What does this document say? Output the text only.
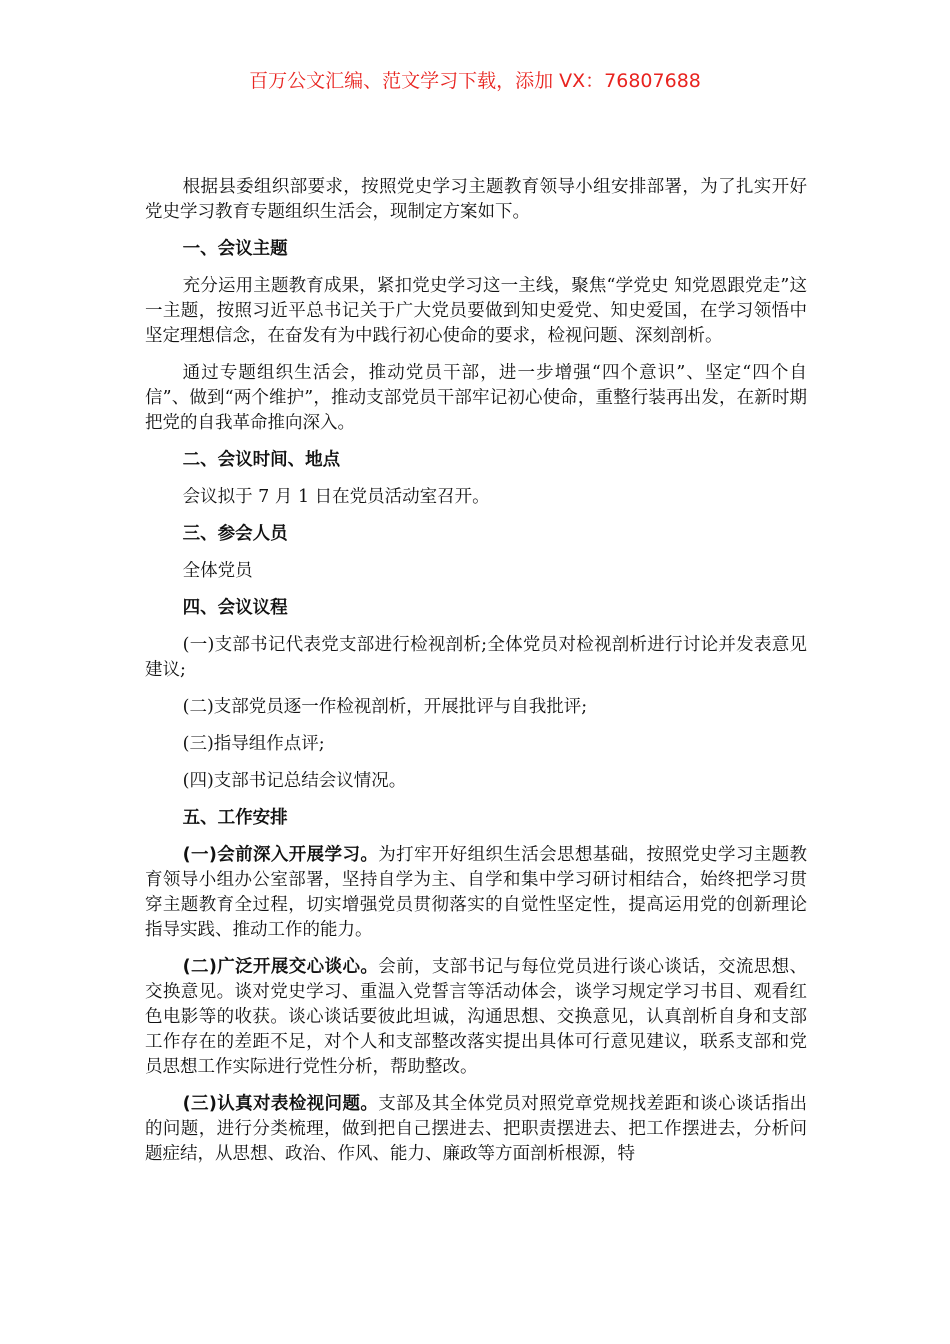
百万公文汇编、范文学习下载，添加 VX：76807688

根据县委组织部要求，按照党史学习主题教育领导小组安排部署，为了扎实开好党史学习教育专题组织生活会，现制定方案如下。

一、会议主题

充分运用主题教育成果，紧扣党史学习这一主线，聚焦“学党史 知党恩跟党走”这一主题，按照习近平总书记关于广大党员要做到知史爱党、知史爱国，在学习领悟中坚定理想信念，在奋发有为中践行初心使命的要求，检视问题、深刻剖析。

通过专题组织生活会，推动党员干部，进一步增强“四个意识”、坚定“四个自信”、做到“两个维护”，推动支部党员干部牢记初心使命，重整行装再出发，在新时期把党的自我革命推向深入。

二、会议时间、地点

会议拟于 7 月 1 日在党员活动室召开。

三、参会人员

全体党员

四、会议议程

(一)支部书记代表党支部进行检视剖析;全体党员对检视剖析进行讨论并发表意见建议;

(二)支部党员逐一作检视剖析，开展批评与自我批评;

(三)指导组作点评;

(四)支部书记总结会议情况。

五、工作安排

(一)会前深入开展学习。为打牢开好组织生活会思想基础，按照党史学习主题教育领导小组办公室部署，坚持自学为主、自学和集中学习研讨相结合，始终把学习贯穿主题教育全过程，切实增强党员贯彻落实的自觉性坚定性，提高运用党的创新理论指导实践、推动工作的能力。

(二)广泛开展交心谈心。会前，支部书记与每位党员进行谈心谈话，交流思想、交换意见。谈对党史学习、重温入党誓言等活动体会，谈学习规定学习书目、观看红色电影等的收获。谈心谈话要彼此坦诚，沟通思想、交换意见，认真剖析自身和支部工作存在的差距不足，对个人和支部整改落实提出具体可行意见建议，联系支部和党员思想工作实际进行党性分析，帮助整改。

(三)认真对表检视问题。支部及其全体党员对照党章党规找差距和谈心谈话指出的问题，进行分类梳理，做到把自己摆进去、把职责摆进去、把工作摆进去，分析问题症结，从思想、政治、作风、能力、廉政等方面剖析根源，特
